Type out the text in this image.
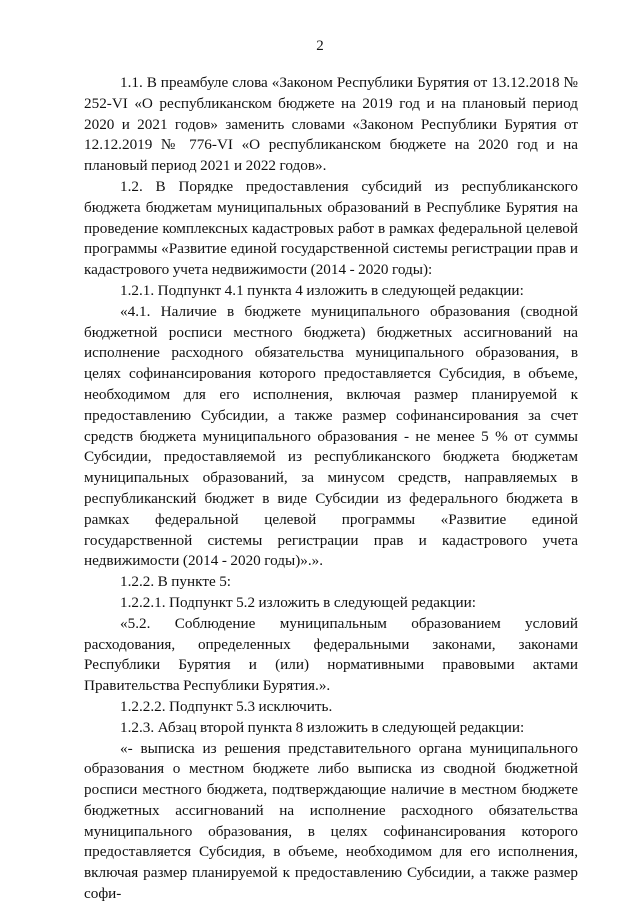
2

1.1. В преамбуле слова «Законом Республики Бурятия от 13.12.2018 № 252-VI «О республиканском бюджете на 2019 год и на плановый период 2020 и 2021 годов» заменить словами «Законом Республики Бурятия от 12.12.2019 № 776-VI «О республиканском бюджете на 2020 год и на плановый период 2021 и 2022 годов».

1.2. В Порядке предоставления субсидий из республиканского бюджета бюджетам муниципальных образований в Республике Бурятия на проведение комплексных кадастровых работ в рамках федеральной целевой программы «Развитие единой государственной системы регистрации прав и кадастрового учета недвижимости (2014 - 2020 годы):

1.2.1. Подпункт 4.1 пункта 4 изложить в следующей редакции:

«4.1. Наличие в бюджете муниципального образования (сводной бюджетной росписи местного бюджета) бюджетных ассигнований на исполнение расходного обязательства муниципального образования, в целях софинансирования которого предоставляется Субсидия, в объеме, необходимом для его исполнения, включая размер планируемой к предоставлению Субсидии, а также размер софинансирования за счет средств бюджета муниципального образования - не менее 5 % от суммы Субсидии, предоставляемой из республиканского бюджета бюджетам муниципальных образований, за минусом средств, направляемых в республиканский бюджет в виде Субсидии из федерального бюджета в рамках федеральной целевой программы «Развитие единой государственной системы регистрации прав и кадастрового учета недвижимости (2014 - 2020 годы)».».

1.2.2. В пункте 5:

1.2.2.1. Подпункт 5.2 изложить в следующей редакции:

«5.2. Соблюдение муниципальным образованием условий расходования, определенных федеральными законами, законами Республики Бурятия и (или) нормативными правовыми актами Правительства Республики Бурятия.».

1.2.2.2. Подпункт 5.3 исключить.

1.2.3. Абзац второй пункта 8 изложить в следующей редакции:

«- выписка из решения представительного органа муниципального образования о местном бюджете либо выписка из сводной бюджетной росписи местного бюджета, подтверждающие наличие в местном бюджете бюджетных ассигнований на исполнение расходного обязательства муниципального образования, в целях софинансирования которого предоставляется Субсидия, в объеме, необходимом для его исполнения, включая размер планируемой к предоставлению Субсидии, а также размер софи-
